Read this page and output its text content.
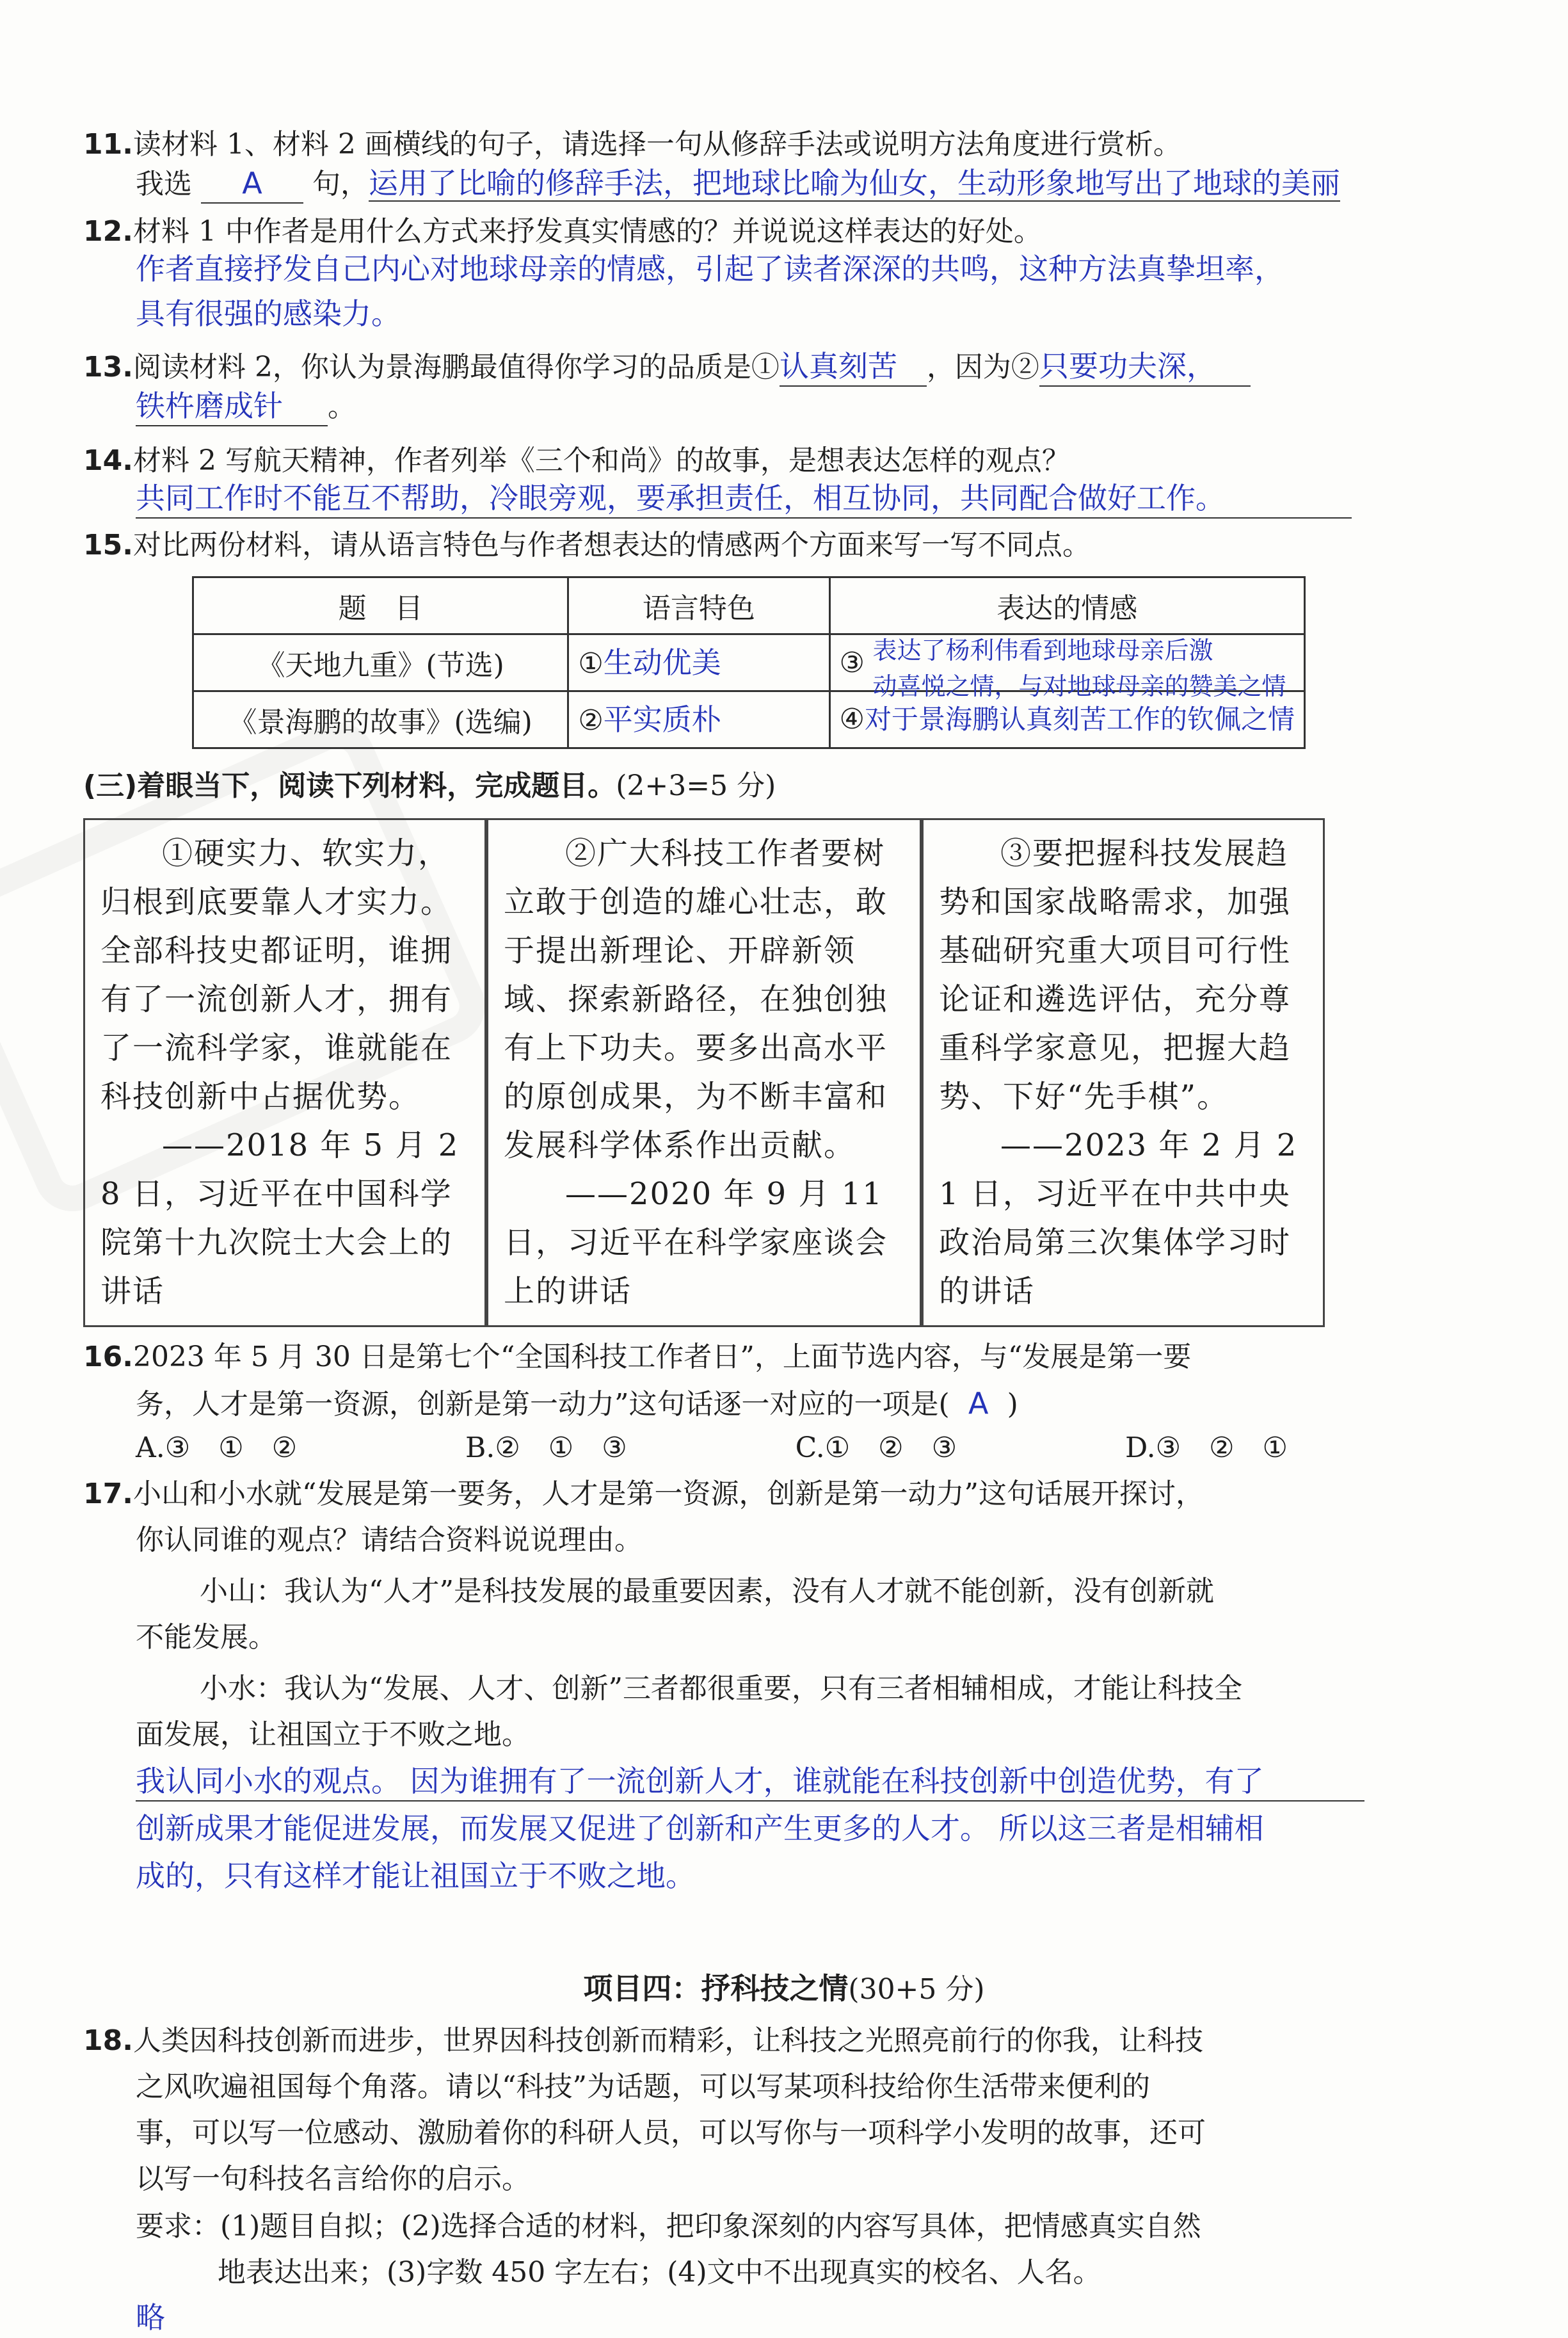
11.读材料 1、材料 2 画横线的句子，请选择一句从修辞手法或说明方法角度进行赏析。
我选 A 句，运用了比喻的修辞手法，把地球比喻为仙女，生动形象地写出了地球的美丽
12.材料 1 中作者是用什么方式来抒发真实情感的？并说说这样表达的好处。
作者直接抒发自己内心对地球母亲的情感，引起了读者深深的共鸣，这种方法真挚坦率，
具有很强的感染力。
13.阅读材料 2，你认为景海鹏最值得你学习的品质是①认真刻苦 ，因为②只要功夫深，
铁杵磨成针 。
14.材料 2 写航天精神，作者列举《三个和尚》的故事，是想表达怎样的观点？
共同工作时不能互不帮助，冷眼旁观，要承担责任，相互协同，共同配合做好工作。
15.对比两份材料，请从语言特色与作者想表达的情感两个方面来写一写不同点。
题　目	语言特色	表达的情感
《天地九重》(节选)	①生动优美	③ 表达了杨利伟看到地球母亲后激
动喜悦之情，与对地球母亲的赞美之情

《景海鹏的故事》(选编)	②平实质朴	④对于景海鹏认真刻苦工作的钦佩之情
(三)着眼当下，阅读下列材料，完成题目。(2+3=5 分)

①硬实力、软实力，归根到底要靠人才实力。全部科技史都证明，谁拥有了一流创新人才，拥有了一流科学家，谁就能在科技创新中占据优势。

——2018 年 5 月 28 日，习近平在中国科学院第十九次院士大会上的讲话

②广大科技工作者要树立敢于创造的雄心壮志，敢于提出新理论、开辟新领域、探索新路径，在独创独有上下功夫。要多出高水平的原创成果，为不断丰富和发展科学体系作出贡献。

——2020 年 9 月 11 日，习近平在科学家座谈会上的讲话

③要把握科技发展趋势和国家战略需求，加强基础研究重大项目可行性论证和遴选评估，充分尊重科学家意见，把握大趋势、下好“先手棋”。

——2023 年 2 月 21 日，习近平在中共中央政治局第三次集体学习时的讲话

16.2023 年 5 月 30 日是第七个“全国科技工作者日”，上面节选内容，与“发展是第一要
务，人才是第一资源，创新是第一动力”这句话逐一对应的一项是( A )
A.③　①　②	B.②　①　③	C.①　②　③	D.③　②　①
17.小山和小水就“发展是第一要务，人才是第一资源，创新是第一动力”这句话展开探讨，
你认同谁的观点？请结合资料说说理由。
小山：我认为“人才”是科技发展的最重要因素，没有人才就不能创新，没有创新就
不能发展。
小水：我认为“发展、人才、创新”三者都很重要，只有三者相辅相成，才能让科技全
面发展，让祖国立于不败之地。
我认同小水的观点。 因为谁拥有了一流创新人才，谁就能在科技创新中创造优势，有了
创新成果才能促进发展，而发展又促进了创新和产生更多的人才。 所以这三者是相辅相
成的，只有这样才能让祖国立于不败之地。
项目四：抒科技之情(30+5 分)
18.人类因科技创新而进步，世界因科技创新而精彩，让科技之光照亮前行的你我，让科技
之风吹遍祖国每个角落。请以“科技”为话题，可以写某项科技给你生活带来便利的
事，可以写一位感动、激励着你的科研人员，可以写你与一项科学小发明的故事，还可
以写一句科技名言给你的启示。
要求：(1)题目自拟；(2)选择合适的材料，把印象深刻的内容写具体，把情感真实自然
地表达出来；(3)字数 450 字左右；(4)文中不出现真实的校名、人名。
略
